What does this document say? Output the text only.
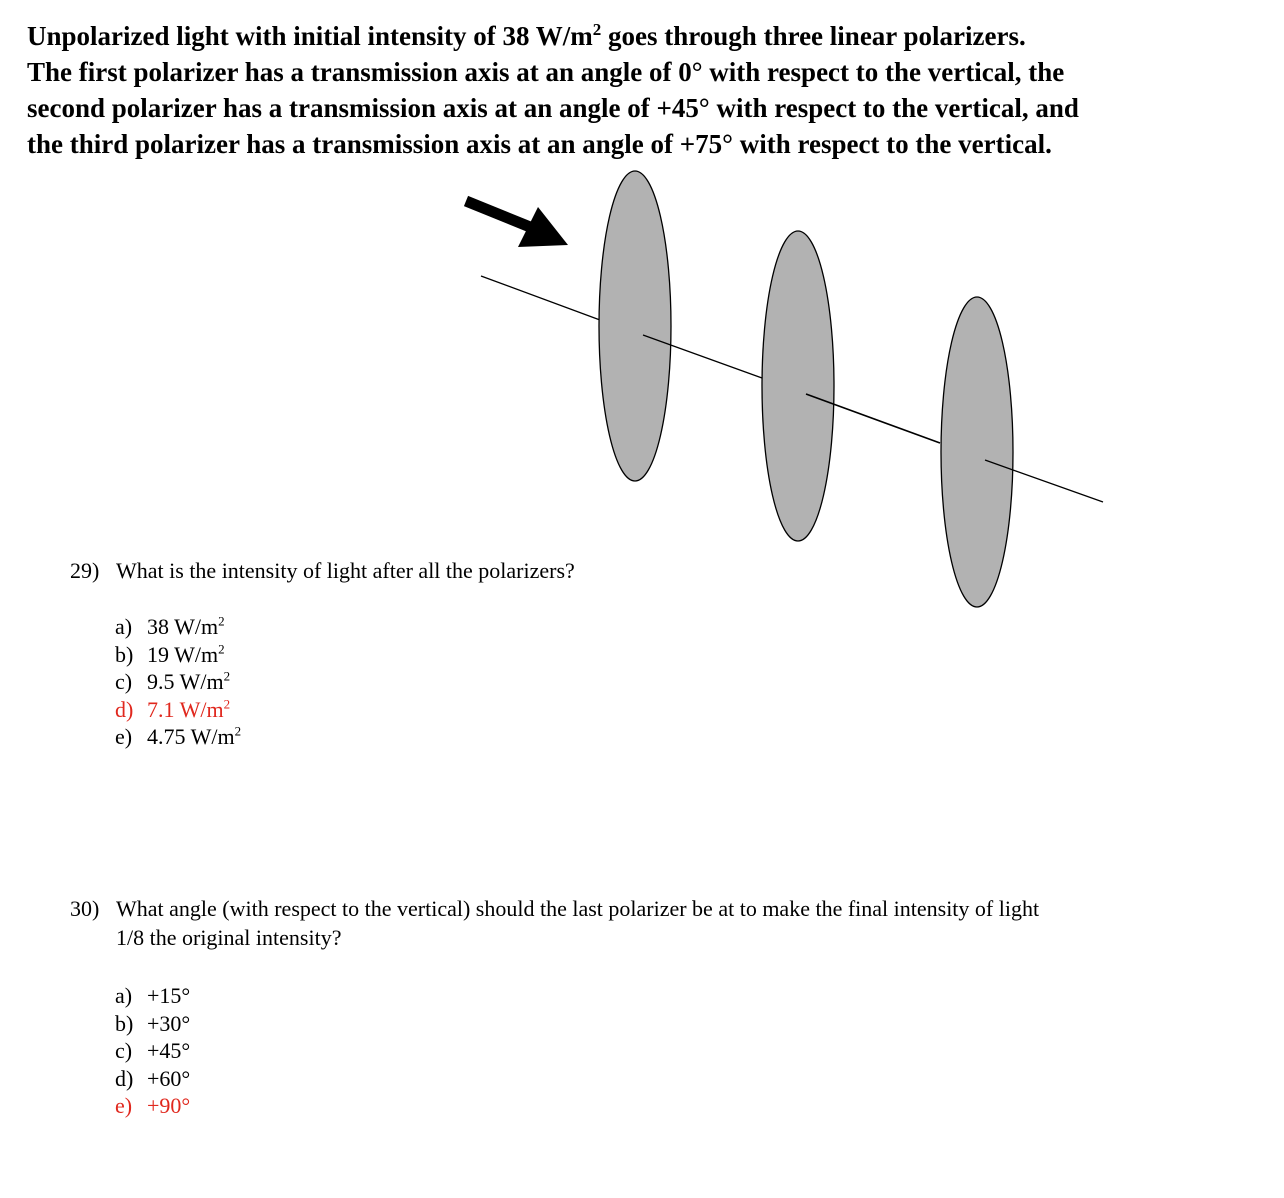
Unpolarized light with initial intensity of 38 $W/m^2$ goes through three linear polarizers.
The first polarizer has a transmission axis at an angle of 0° with respect to the vertical, the
second polarizer has a transmission axis at an angle of +45° with respect to the vertical, and
the third polarizer has a transmission axis at an angle of +75° with respect to the vertical.
29) What is the intensity of light after all the polarizers?
a) 38 $W/m^2$
b) 19 $W/m^2$
c) 9.5 $W/m^2$
d) 7.1 $W/m^2$
e) 4.75 $W/m^2$
30) What angle (with respect to the vertical) should the last polarizer be at to make the final intensity of light
1/8 the original intensity?
a) +15°
b) +30°
c) +45°
d) +60°
e) +90°
